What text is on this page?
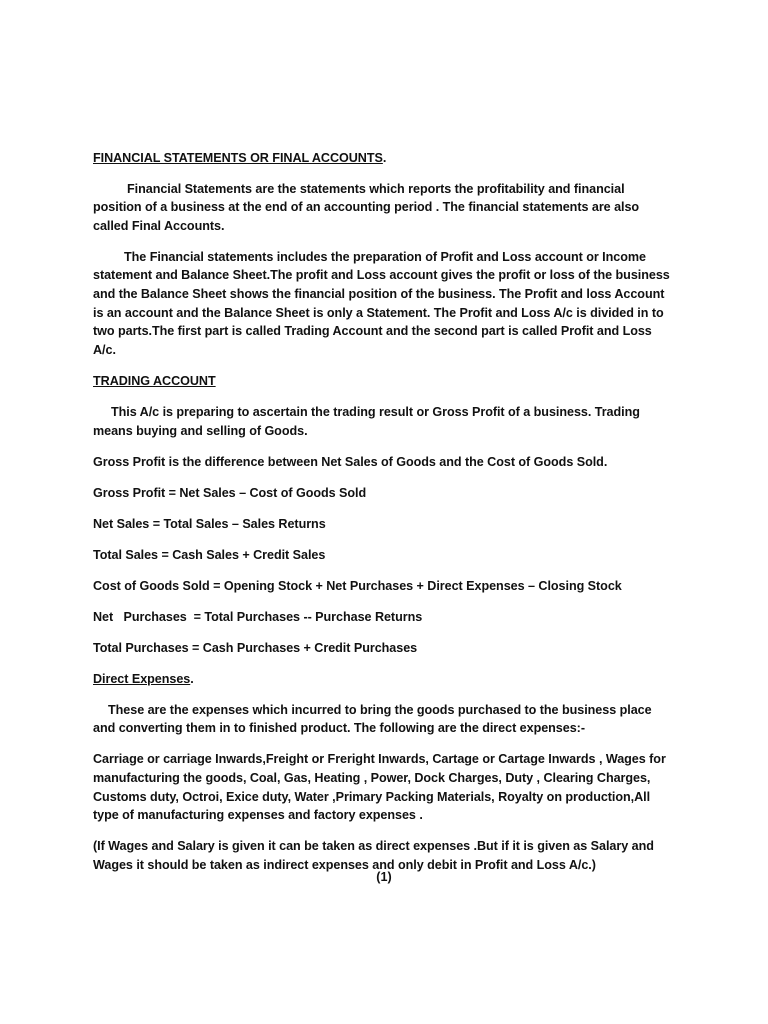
FINANCIAL STATEMENTS OR FINAL ACCOUNTS.

Financial Statements are the statements which reports the profitability and financial position of a business at the end of an accounting period . The financial statements are also called Final Accounts.

The Financial statements includes the preparation of Profit and Loss account or Income statement and Balance Sheet.The profit and Loss account gives the profit or loss of the business and the Balance Sheet shows the financial position of the business. The Profit and loss Account is an account and the Balance Sheet is only a Statement. The Profit and Loss A/c is divided in to two parts.The first part is called Trading Account and the second part is called Profit and Loss A/c.

TRADING ACCOUNT

This A/c is preparing to ascertain the trading result or Gross Profit of a business. Trading means buying and selling of Goods.

Gross Profit is the difference between Net Sales of Goods and the Cost of Goods Sold.

Gross Profit = Net Sales – Cost of Goods Sold

Net Sales = Total Sales – Sales Returns

Total Sales = Cash Sales + Credit Sales

Cost of Goods Sold = Opening Stock + Net Purchases + Direct Expenses – Closing Stock

Net   Purchases  = Total Purchases -- Purchase Returns

Total Purchases = Cash Purchases + Credit Purchases

Direct Expenses.

These are the expenses which incurred to bring the goods purchased to the business place and converting them in to finished product. The following are the direct expenses:-

Carriage or carriage Inwards,Freight or Freright Inwards, Cartage or Cartage Inwards , Wages for manufacturing the goods, Coal, Gas, Heating , Power, Dock Charges, Duty , Clearing Charges, Customs duty, Octroi, Exice duty, Water ,Primary Packing Materials, Royalty on production,All type of manufacturing expenses and factory expenses .

(If Wages and Salary is given it can be taken as direct expenses .But if it is given as Salary and Wages it should be taken as indirect expenses and only debit in Profit and Loss A/c.)

(1)
